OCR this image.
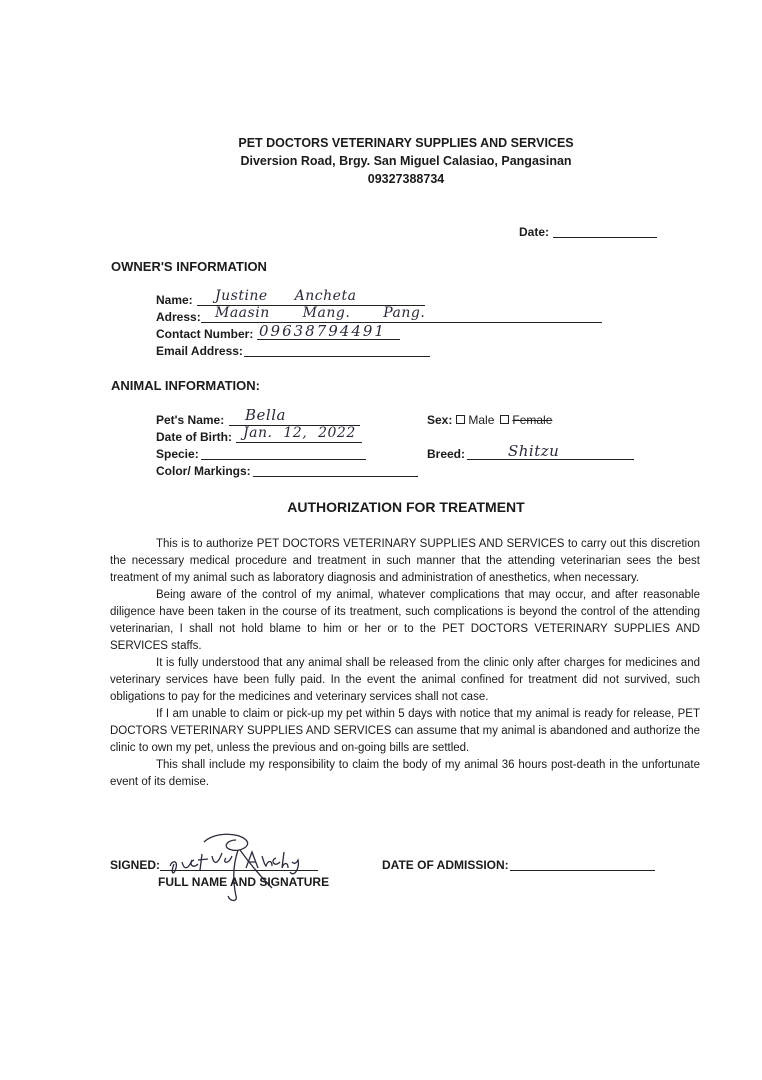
PET DOCTORS VETERINARY SUPPLIES AND SERVICES
Diversion Road, Brgy. San Miguel Calasiao, Pangasinan
09327388734
Date:
OWNER'S INFORMATION
Name: Justine Ancheta
Adress: Maasin Mang. Pang.
Contact Number: 09638794491
Email Address:
ANIMAL INFORMATION:
Pet's Name: Bella
Date of Birth: Jan. 12, 2022
Specie:
Color/ Markings:
Sex: Male Female
Breed:	Shitzu
AUTHORIZATION FOR TREATMENT

This is to authorize PET DOCTORS VETERINARY SUPPLIES AND SERVICES to carry out this discretion the necessary medical procedure and treatment in such manner that the attending veterinarian sees the best treatment of my animal such as laboratory diagnosis and administration of anesthetics, when necessary.

Being aware of the control of my animal, whatever complications that may occur, and after reasonable diligence have been taken in the course of its treatment, such complications is beyond the control of the attending veterinarian, I shall not hold blame to him or her or to the PET DOCTORS VETERINARY SUPPLIES AND SERVICES staffs.

It is fully understood that any animal shall be released from the clinic only after charges for medicines and veterinary services have been fully paid. In the event the animal confined for treatment did not survived, such obligations to pay for the medicines and veterinary services shall not case.

If I am unable to claim or pick-up my pet within 5 days with notice that my animal is ready for release, PET DOCTORS VETERINARY SUPPLIES AND SERVICES can assume that my animal is abandoned and authorize the clinic to own my pet, unless the previous and on-going bills are settled.

This shall include my responsibility to claim the body of my animal 36 hours post-death in the unfortunate event of its demise.

SIGNED:
FULL NAME AND SIGNATURE
DATE OF ADMISSION:
